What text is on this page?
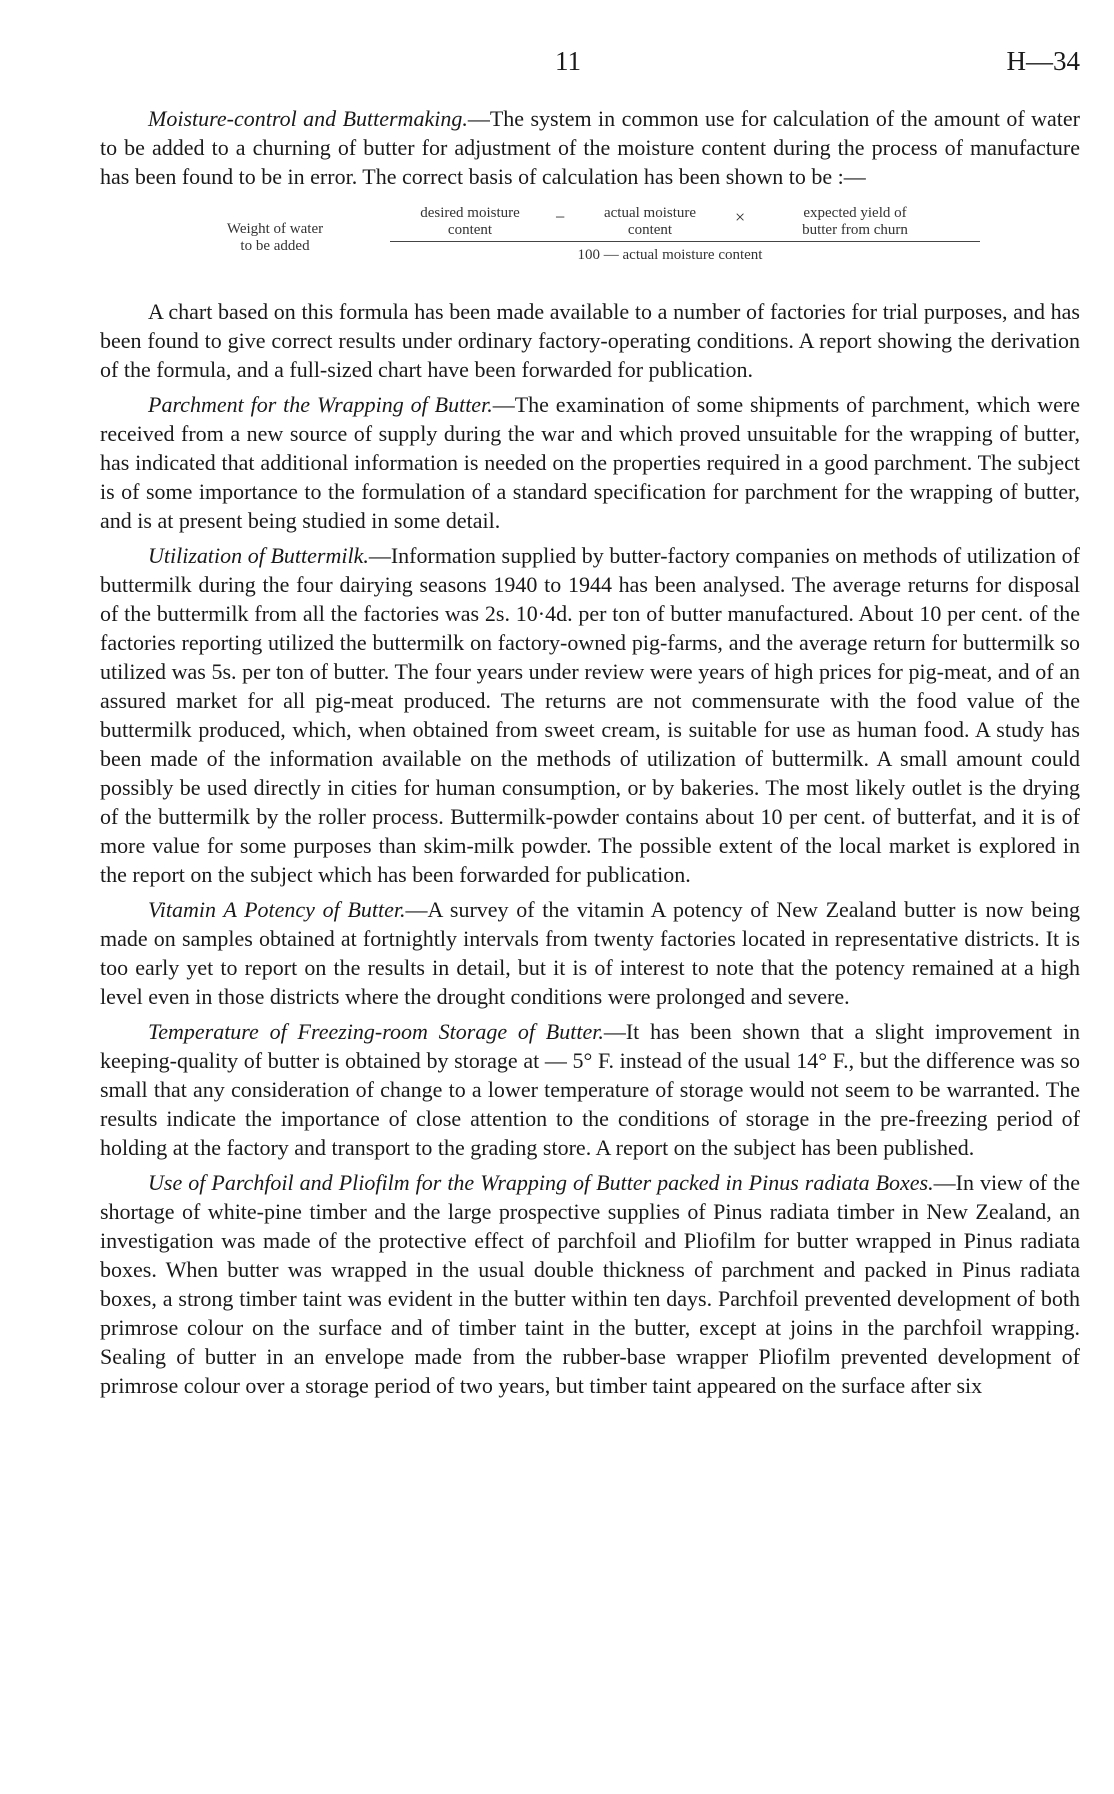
11	H—34

Moisture-control and Buttermaking.—The system in common use for calculation of the amount of water to be added to a churning of butter for adjustment of the moisture content during the process of manufacture has been found to be in error. The correct basis of calculation has been shown to be :—

Weight of water
to be added
desired moisture
content
−	actual moisture
content
×	expected yield of
butter from churn
100 — actual moisture content

A chart based on this formula has been made available to a number of factories for trial purposes, and has been found to give correct results under ordinary factory-operating conditions. A report showing the derivation of the formula, and a full-sized chart have been forwarded for publication.

Parchment for the Wrapping of Butter.—The examination of some shipments of parchment, which were received from a new source of supply during the war and which proved unsuitable for the wrapping of butter, has indicated that additional information is needed on the properties required in a good parchment. The subject is of some importance to the formulation of a standard specification for parchment for the wrapping of butter, and is at present being studied in some detail.

Utilization of Buttermilk.—Information supplied by butter-factory companies on methods of utilization of buttermilk during the four dairying seasons 1940 to 1944 has been analysed. The average returns for disposal of the buttermilk from all the factories was 2s. 10·4d. per ton of butter manufactured. About 10 per cent. of the factories reporting utilized the buttermilk on factory-owned pig-farms, and the average return for buttermilk so utilized was 5s. per ton of butter. The four years under review were years of high prices for pig-meat, and of an assured market for all pig-meat produced. The returns are not commensurate with the food value of the buttermilk produced, which, when obtained from sweet cream, is suitable for use as human food. A study has been made of the information available on the methods of utilization of buttermilk. A small amount could possibly be used directly in cities for human consumption, or by bakeries. The most likely outlet is the drying of the buttermilk by the roller process. Buttermilk-powder contains about 10 per cent. of butterfat, and it is of more value for some purposes than skim-milk powder. The possible extent of the local market is explored in the report on the subject which has been forwarded for publication.

Vitamin A Potency of Butter.—A survey of the vitamin A potency of New Zealand butter is now being made on samples obtained at fortnightly intervals from twenty factories located in representative districts. It is too early yet to report on the results in detail, but it is of interest to note that the potency remained at a high level even in those districts where the drought conditions were prolonged and severe.

Temperature of Freezing-room Storage of Butter.—It has been shown that a slight improvement in keeping-quality of butter is obtained by storage at — 5° F. instead of the usual 14° F., but the difference was so small that any consideration of change to a lower temperature of storage would not seem to be warranted. The results indicate the importance of close attention to the conditions of storage in the pre-freezing period of holding at the factory and transport to the grading store. A report on the subject has been published.

Use of Parchfoil and Pliofilm for the Wrapping of Butter packed in Pinus radiata Boxes.—In view of the shortage of white-pine timber and the large prospective supplies of Pinus radiata timber in New Zealand, an investigation was made of the protective effect of parchfoil and Pliofilm for butter wrapped in Pinus radiata boxes. When butter was wrapped in the usual double thickness of parchment and packed in Pinus radiata boxes, a strong timber taint was evident in the butter within ten days. Parchfoil prevented development of both primrose colour on the surface and of timber taint in the butter, except at joins in the parchfoil wrapping. Sealing of butter in an envelope made from the rubber-base wrapper Pliofilm prevented development of primrose colour over a storage period of two years, but timber taint appeared on the surface after six
